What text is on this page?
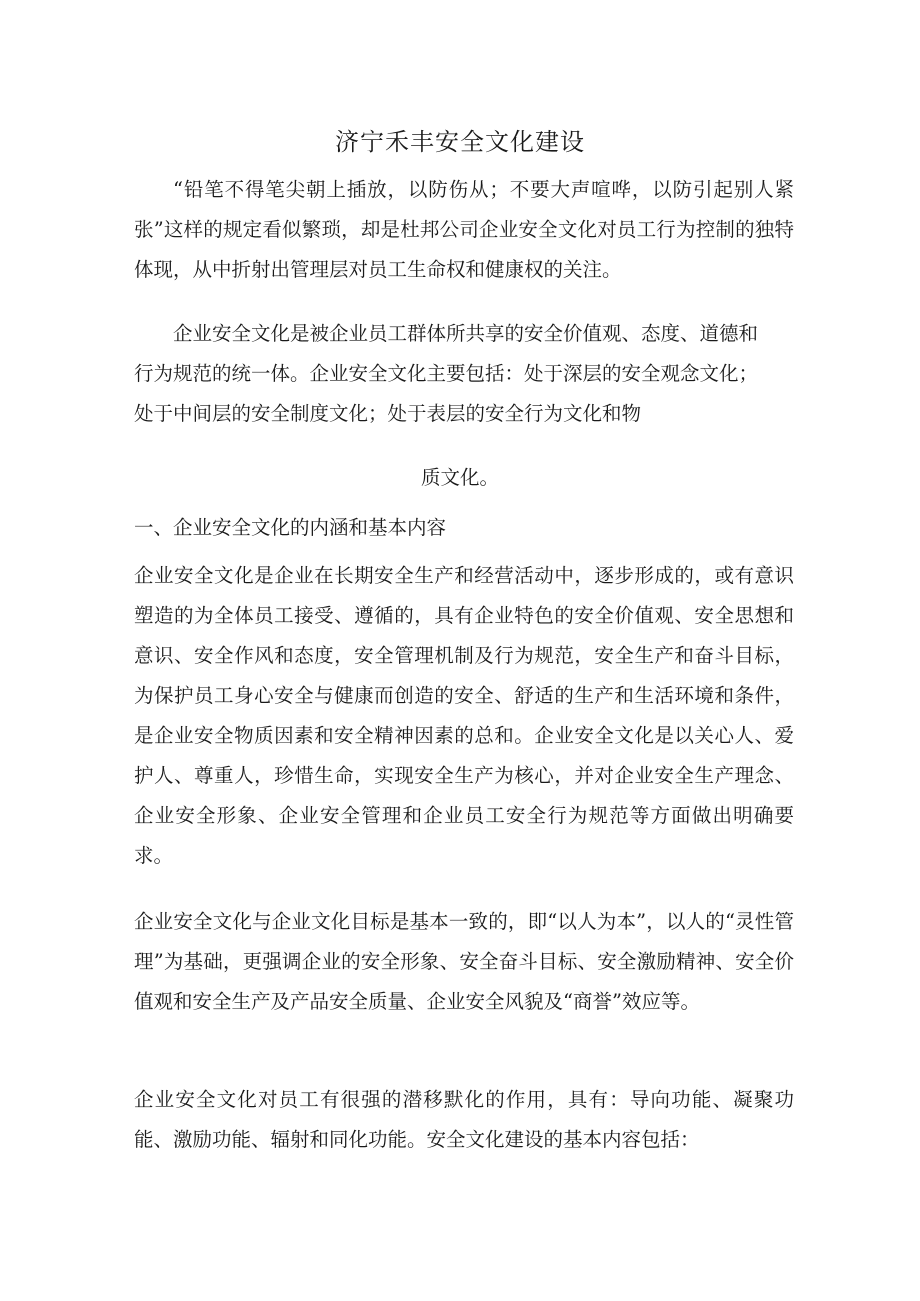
济宁禾丰安全文化建设

“铅笔不得笔尖朝上插放，以防伤从；不要大声喧哗，以防引起别人紧张”这样的规定看似繁琐，却是杜邦公司企业安全文化对员工行为控制的独特体现，从中折射出管理层对员工生命权和健康权的关注。

企业安全文化是被企业员工群体所共享的安全价值观、态度、道德和
行为规范的统一体。企业安全文化主要包括：处于深层的安全观念文化；
处于中间层的安全制度文化；处于表层的安全行为文化和物

质文化。
一、企业安全文化的内涵和基本内容

企业安全文化是企业在长期安全生产和经营活动中，逐步形成的，或有意识塑造的为全体员工接受、遵循的，具有企业特色的安全价值观、安全思想和意识、安全作风和态度，安全管理机制及行为规范，安全生产和奋斗目标，为保护员工身心安全与健康而创造的安全、舒适的生产和生活环境和条件，是企业安全物质因素和安全精神因素的总和。企业安全文化是以关心人、爱护人、尊重人，珍惜生命，实现安全生产为核心，并对企业安全生产理念、企业安全形象、企业安全管理和企业员工安全行为规范等方面做出明确要求。

企业安全文化与企业文化目标是基本一致的，即“以人为本”，以人的“灵性管理”为基础，更强调企业的安全形象、安全奋斗目标、安全激励精神、安全价值观和安全生产及产品安全质量、企业安全风貌及“商誉”效应等。

企业安全文化对员工有很强的潜移默化的作用，具有：导向功能、凝聚功能、激励功能、辐射和同化功能。安全文化建设的基本内容包括：
